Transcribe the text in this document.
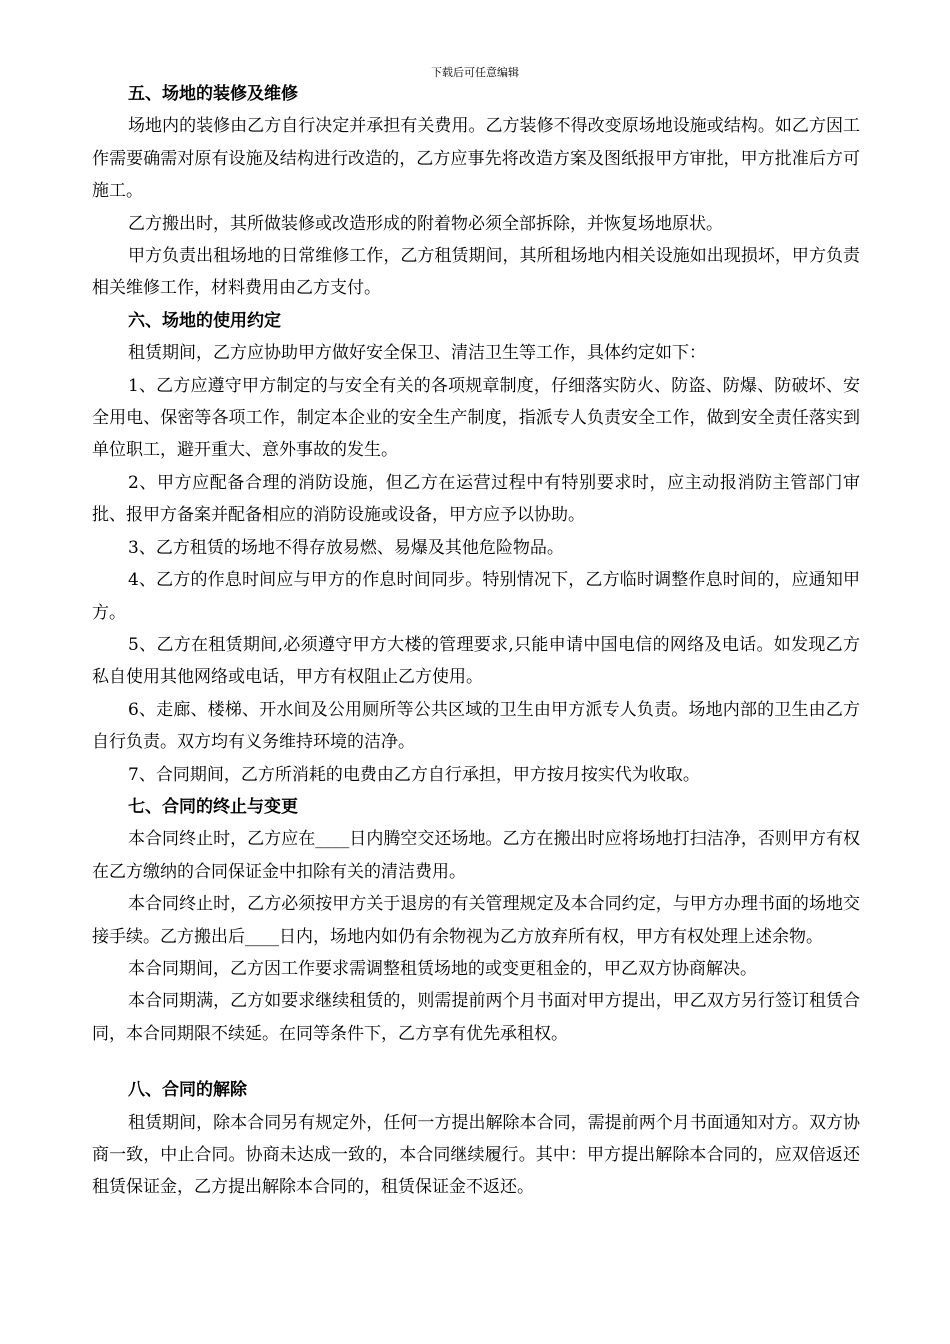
下载后可任意编辑
五、场地的装修及维修
场地内的装修由乙方自行决定并承担有关费用。乙方装修不得改变原场地设施或结构。如乙方因工作需要确需对原有设施及结构进行改造的，乙方应事先将改造方案及图纸报甲方审批，甲方批准后方可施工。
乙方搬出时，其所做装修或改造形成的附着物必须全部拆除，并恢复场地原状。
甲方负责出租场地的日常维修工作，乙方租赁期间，其所租场地内相关设施如出现损坏，甲方负责相关维修工作，材料费用由乙方支付。
六、场地的使用约定
租赁期间，乙方应协助甲方做好安全保卫、清洁卫生等工作，具体约定如下：
1、乙方应遵守甲方制定的与安全有关的各项规章制度，仔细落实防火、防盗、防爆、防破坏、安全用电、保密等各项工作，制定本企业的安全生产制度，指派专人负责安全工作，做到安全责任落实到单位职工，避开重大、意外事故的发生。
2、甲方应配备合理的消防设施，但乙方在运营过程中有特别要求时，应主动报消防主管部门审批、报甲方备案并配备相应的消防设施或设备，甲方应予以协助。
3、乙方租赁的场地不得存放易燃、易爆及其他危险物品。
4、乙方的作息时间应与甲方的作息时间同步。特别情况下，乙方临时调整作息时间的，应通知甲方。
5、乙方在租赁期间,必须遵守甲方大楼的管理要求,只能申请中国电信的网络及电话。如发现乙方私自使用其他网络或电话，甲方有权阻止乙方使用。
6、走廊、楼梯、开水间及公用厕所等公共区域的卫生由甲方派专人负责。场地内部的卫生由乙方自行负责。双方均有义务维持环境的洁净。
7、合同期间，乙方所消耗的电费由乙方自行承担，甲方按月按实代为收取。
七、合同的终止与变更
本合同终止时，乙方应在____日内腾空交还场地。乙方在搬出时应将场地打扫洁净，否则甲方有权在乙方缴纳的合同保证金中扣除有关的清洁费用。
本合同终止时，乙方必须按甲方关于退房的有关管理规定及本合同约定，与甲方办理书面的场地交接手续。乙方搬出后____日内，场地内如仍有余物视为乙方放弃所有权，甲方有权处理上述余物。
本合同期间，乙方因工作要求需调整租赁场地的或变更租金的，甲乙双方协商解决。
本合同期满，乙方如要求继续租赁的，则需提前两个月书面对甲方提出，甲乙双方另行签订租赁合同，本合同期限不续延。在同等条件下，乙方享有优先承租权。
八、合同的解除
租赁期间，除本合同另有规定外，任何一方提出解除本合同，需提前两个月书面通知对方。双方协商一致，中止合同。协商未达成一致的，本合同继续履行。其中：甲方提出解除本合同的，应双倍返还租赁保证金，乙方提出解除本合同的，租赁保证金不返还。
